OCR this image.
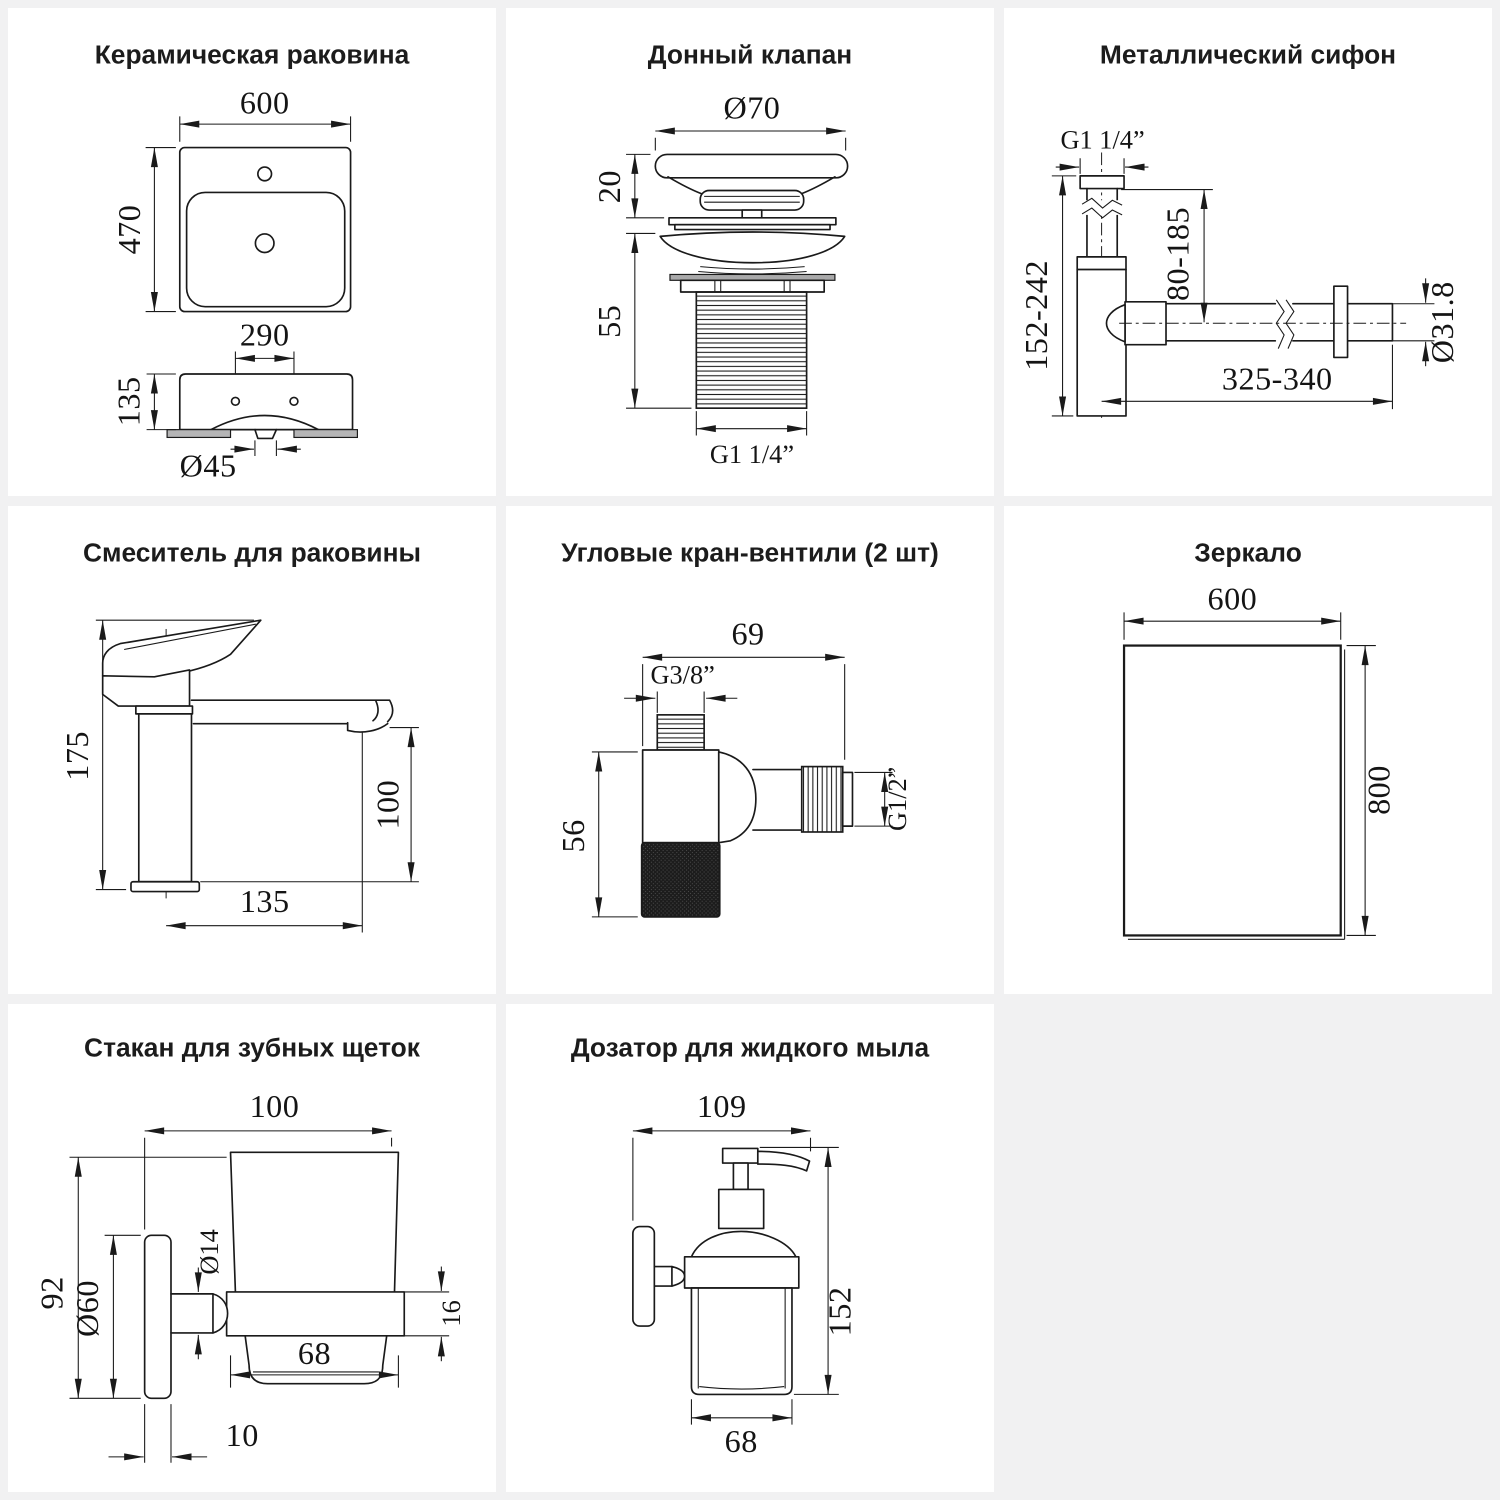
Керамическая раковина
600
470
290
Ø45
135
Донный клапан
Ø70
20
55
G1 1/4”
Металлический сифон
G1 1/4”
152-242
80-185
Ø31.8
325-340
Смеситель для раковины
175
100
135
Угловые кран-вентили (2 шт)
69
G3/8”
56
G1/2”
Зеркало
600
800
Стакан для зубных щеток
100
92 Ø60
Ø14
16
68
10
Дозатор для жидкого мыла
109
152
68
